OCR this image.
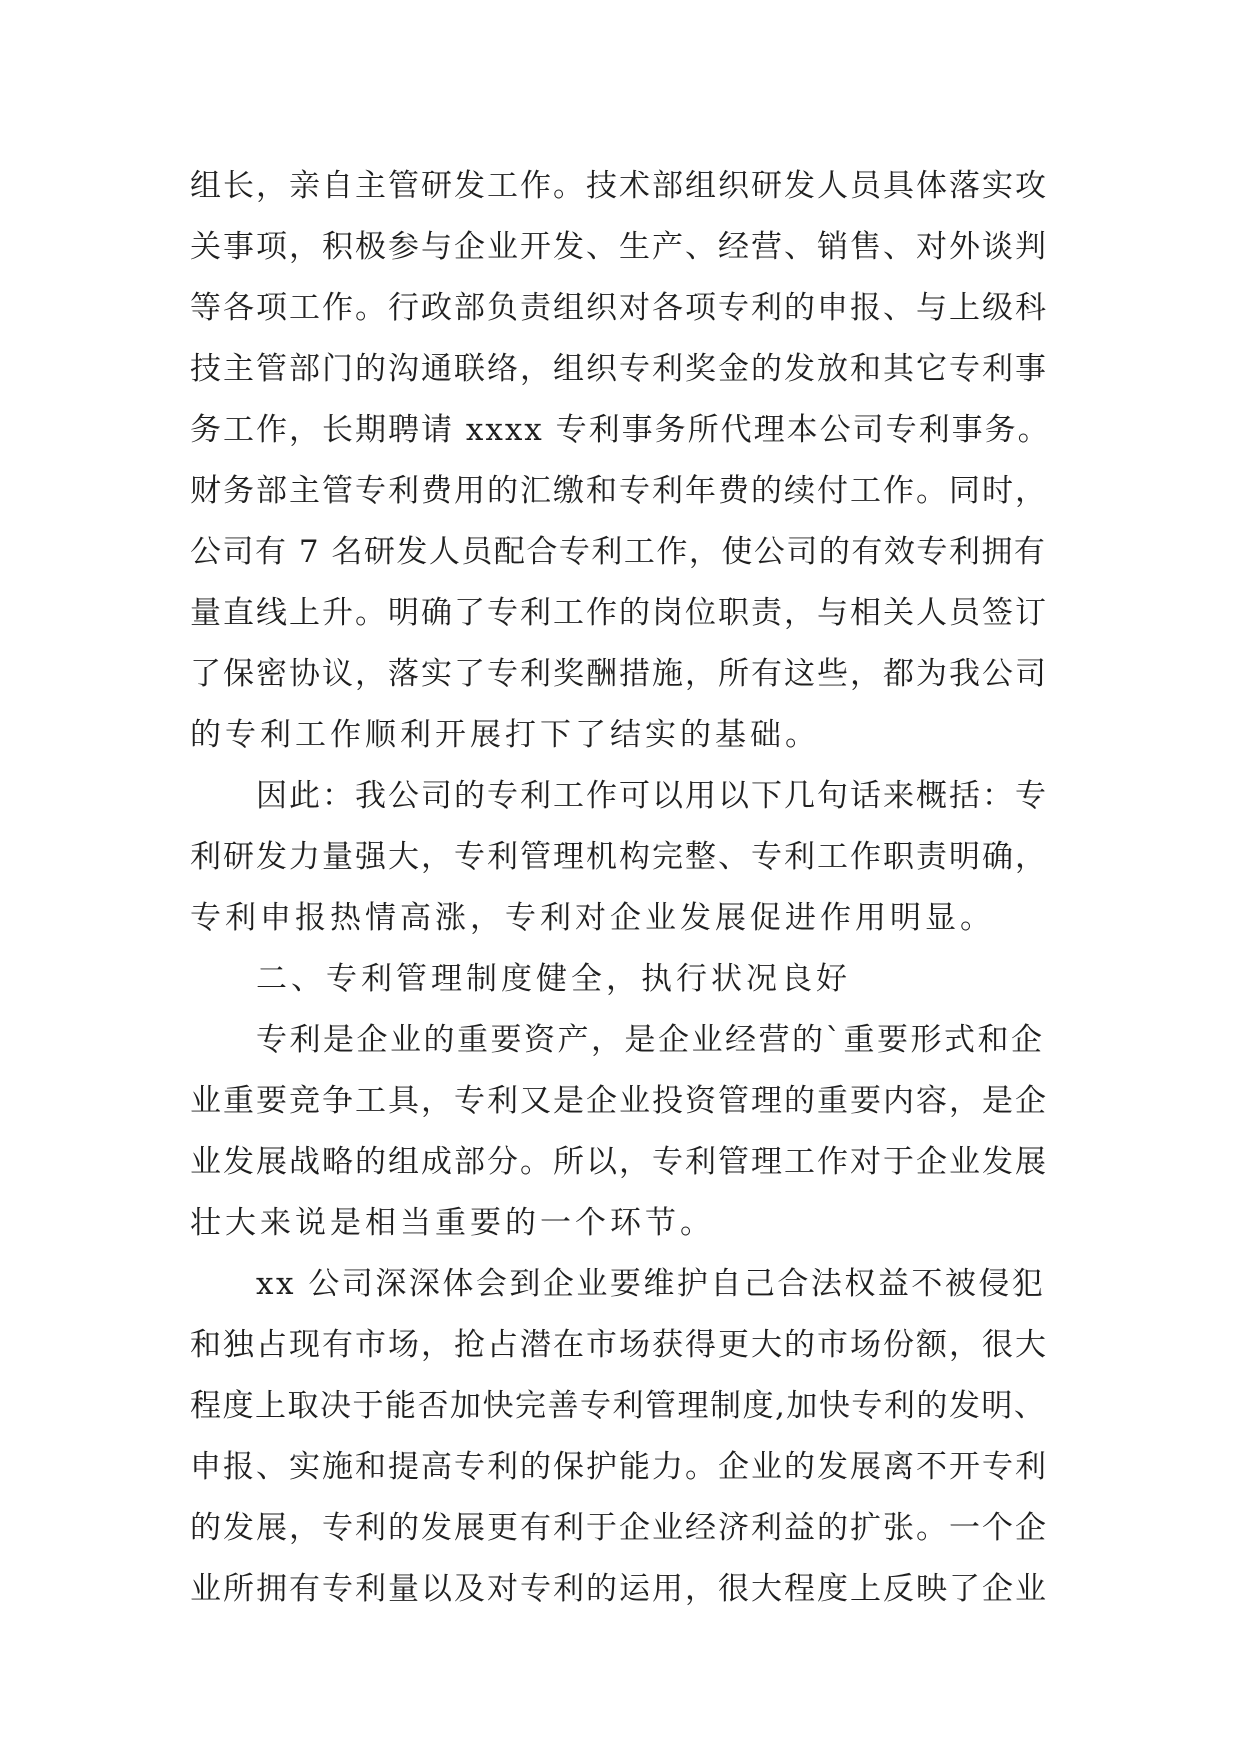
组长，亲自主管研发工作。技术部组织研发人员具体落实攻
关事项，积极参与企业开发、生产、经营、销售、对外谈判
等各项工作。行政部负责组织对各项专利的申报、与上级科
技主管部门的沟通联络，组织专利奖金的发放和其它专利事
务工作，长期聘请 xxxx 专利事务所代理本公司专利事务。
财务部主管专利费用的汇缴和专利年费的续付工作。同时，
公司有 7 名研发人员配合专利工作，使公司的有效专利拥有
量直线上升。明确了专利工作的岗位职责，与相关人员签订
了保密协议，落实了专利奖酬措施，所有这些，都为我公司
的专利工作顺利开展打下了结实的基础。
因此：我公司的专利工作可以用以下几句话来概括：专
利研发力量强大，专利管理机构完整、专利工作职责明确，
专利申报热情高涨，专利对企业发展促进作用明显。
二、专利管理制度健全，执行状况良好
专利是企业的重要资产，是企业经营的`重要形式和企
业重要竞争工具，专利又是企业投资管理的重要内容，是企
业发展战略的组成部分。所以，专利管理工作对于企业发展
壮大来说是相当重要的一个环节。
xx 公司深深体会到企业要维护自己合法权益不被侵犯
和独占现有市场，抢占潜在市场获得更大的市场份额，很大
程度上取决于能否加快完善专利管理制度,加快专利的发明、
申报、实施和提高专利的保护能力。企业的发展离不开专利
的发展，专利的发展更有利于企业经济利益的扩张。一个企
业所拥有专利量以及对专利的运用，很大程度上反映了企业
